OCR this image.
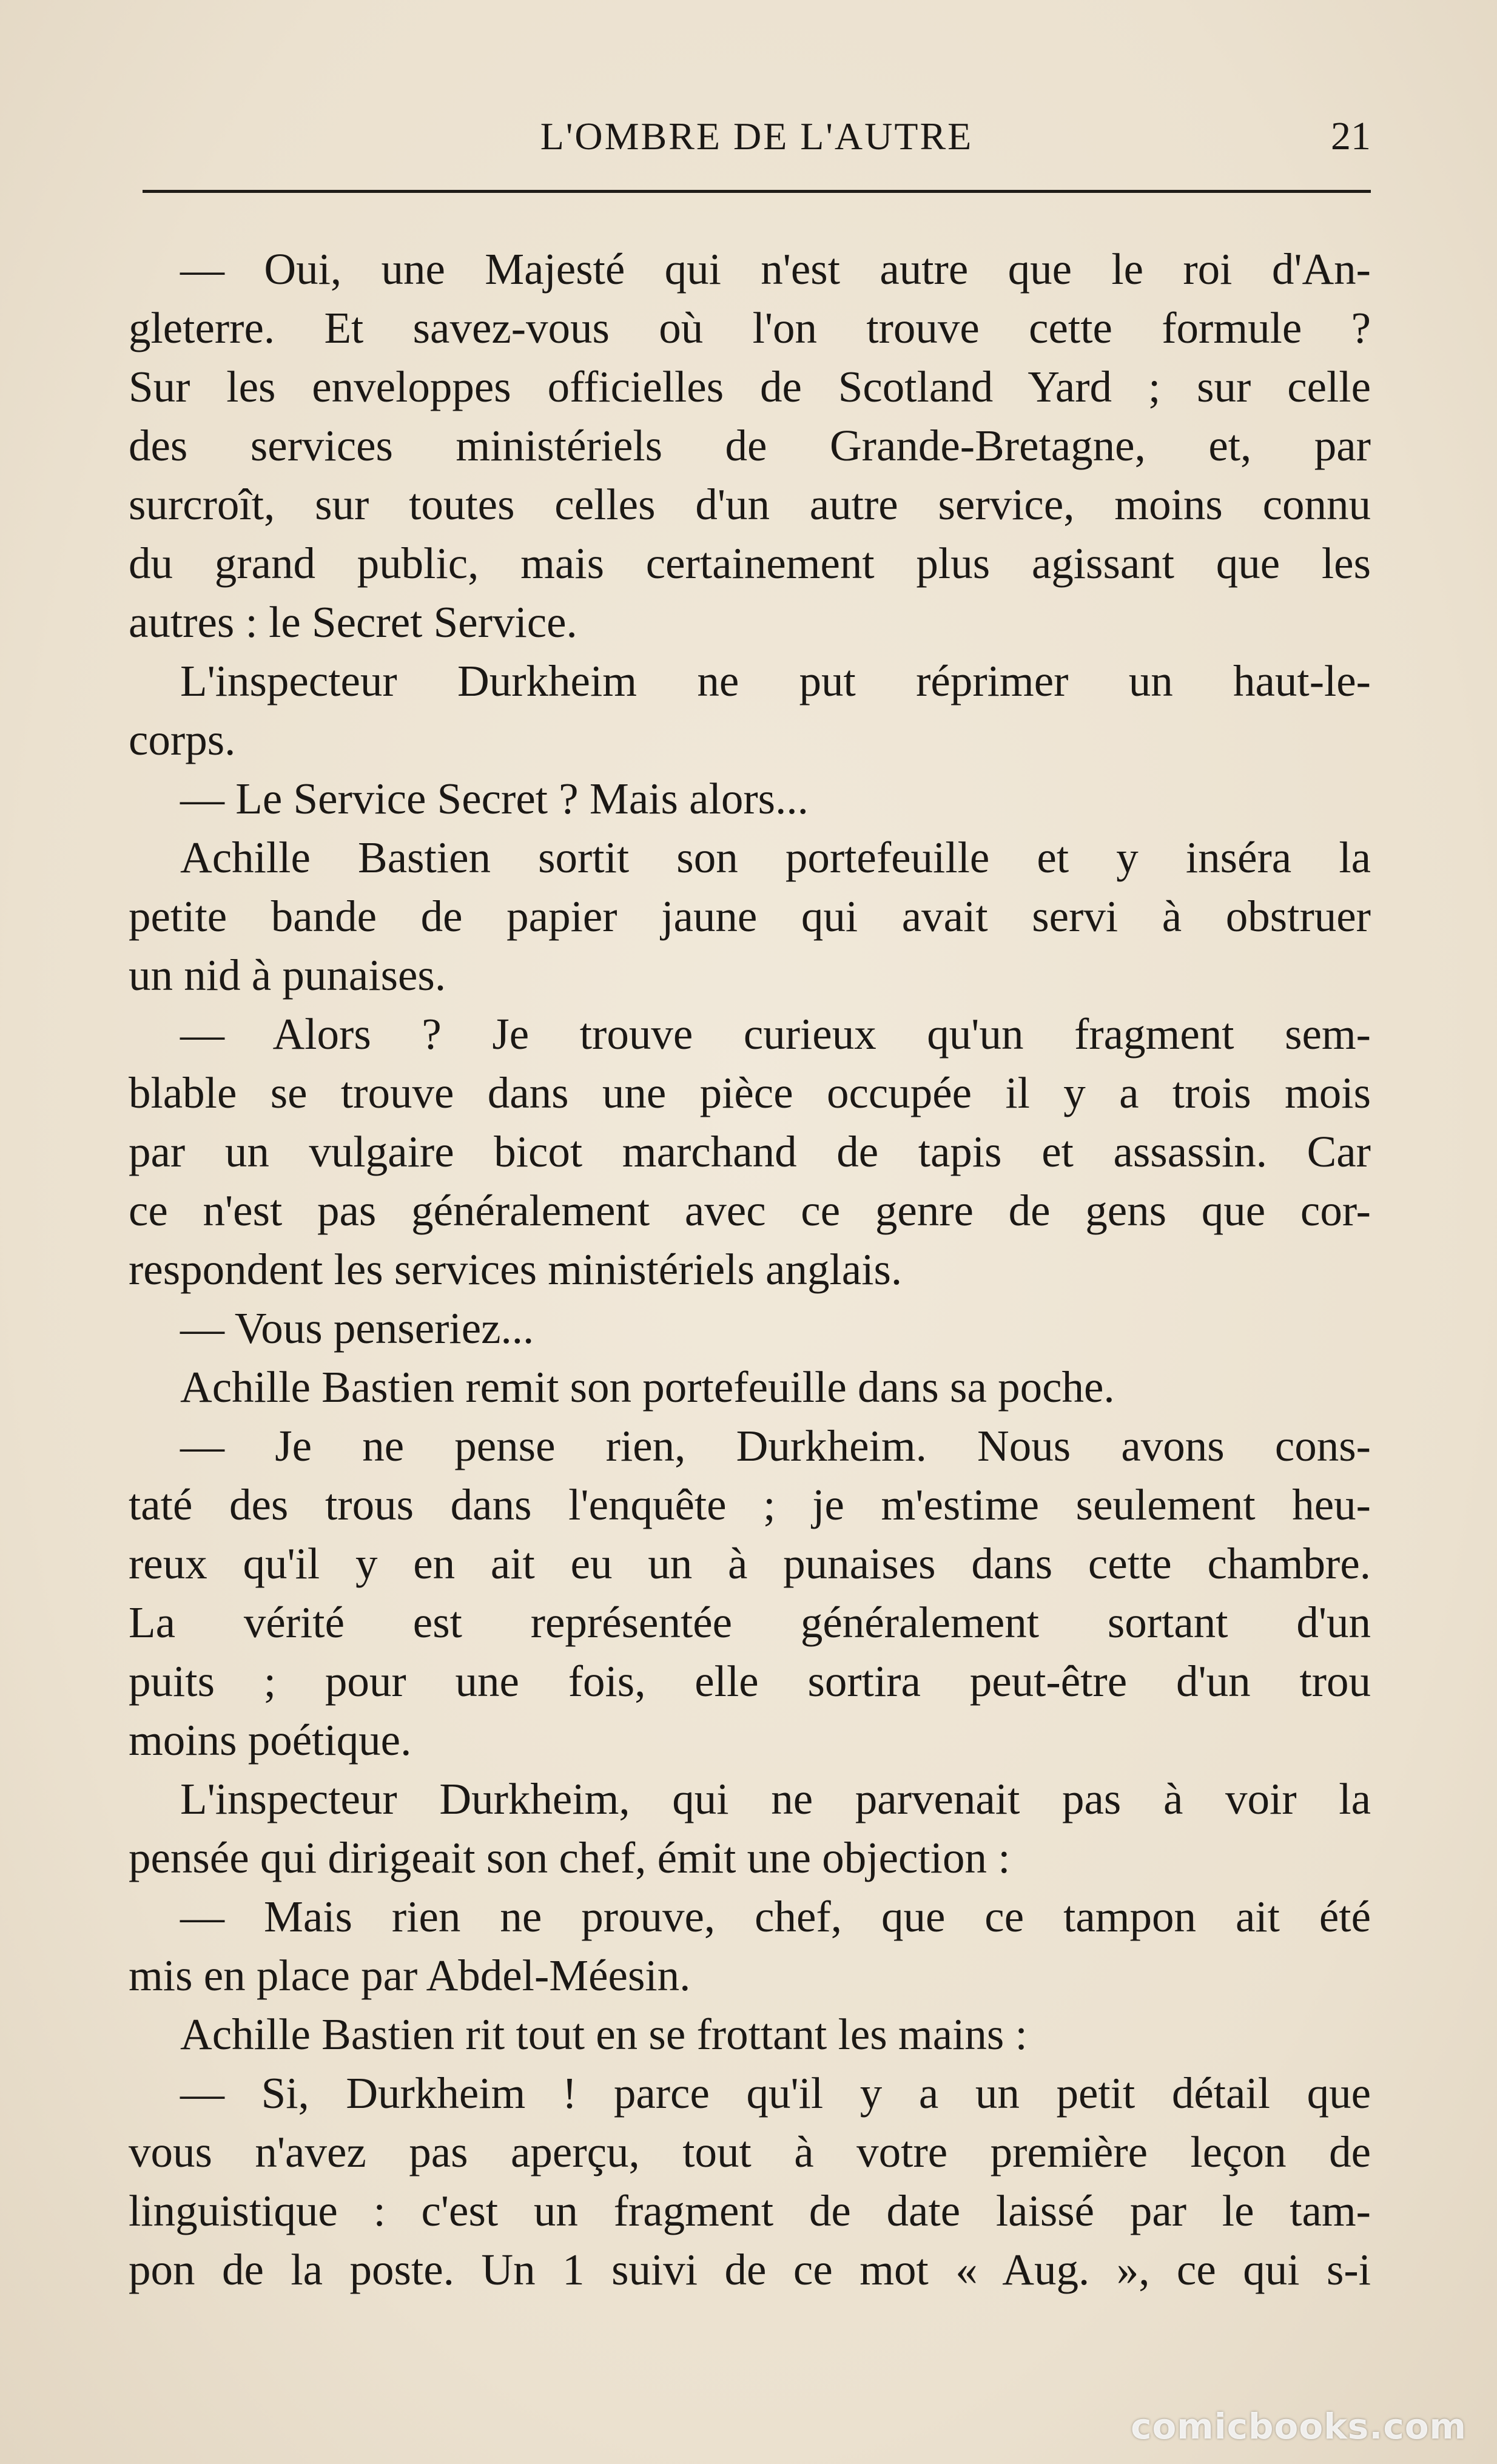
L'OMBRE DE L'AUTRE	21
— Oui, une Majesté qui n'est autre que le roi d'An-
gleterre. Et savez-vous où l'on trouve cette formule ?
Sur les enveloppes officielles de Scotland Yard ; sur celle
des services ministériels de Grande-Bretagne, et, par
surcroît, sur toutes celles d'un autre service, moins connu
du grand public, mais certainement plus agissant que les
autres : le Secret Service.
L'inspecteur Durkheim ne put réprimer un haut-le-
corps.
— Le Service Secret ? Mais alors...
Achille Bastien sortit son portefeuille et y inséra la
petite bande de papier jaune qui avait servi à obstruer
un nid à punaises.
— Alors ? Je trouve curieux qu'un fragment sem-
blable se trouve dans une pièce occupée il y a trois mois
par un vulgaire bicot marchand de tapis et assassin. Car
ce n'est pas généralement avec ce genre de gens que cor-
respondent les services ministériels anglais.
— Vous penseriez...
Achille Bastien remit son portefeuille dans sa poche.
— Je ne pense rien, Durkheim. Nous avons cons-
taté des trous dans l'enquête ; je m'estime seulement heu-
reux qu'il y en ait eu un à punaises dans cette chambre.
La vérité est représentée généralement sortant d'un
puits ; pour une fois, elle sortira peut-être d'un trou
moins poétique.
L'inspecteur Durkheim, qui ne parvenait pas à voir la
pensée qui dirigeait son chef, émit une objection :
— Mais rien ne prouve, chef, que ce tampon ait été
mis en place par Abdel-Méesin.
Achille Bastien rit tout en se frottant les mains :
— Si, Durkheim ! parce qu'il y a un petit détail que
vous n'avez pas aperçu, tout à votre première leçon de
linguistique : c'est un fragment de date laissé par le tam-
pon de la poste. Un 1 suivi de ce mot « Aug. », ce qui s-i
comicbooks.com
